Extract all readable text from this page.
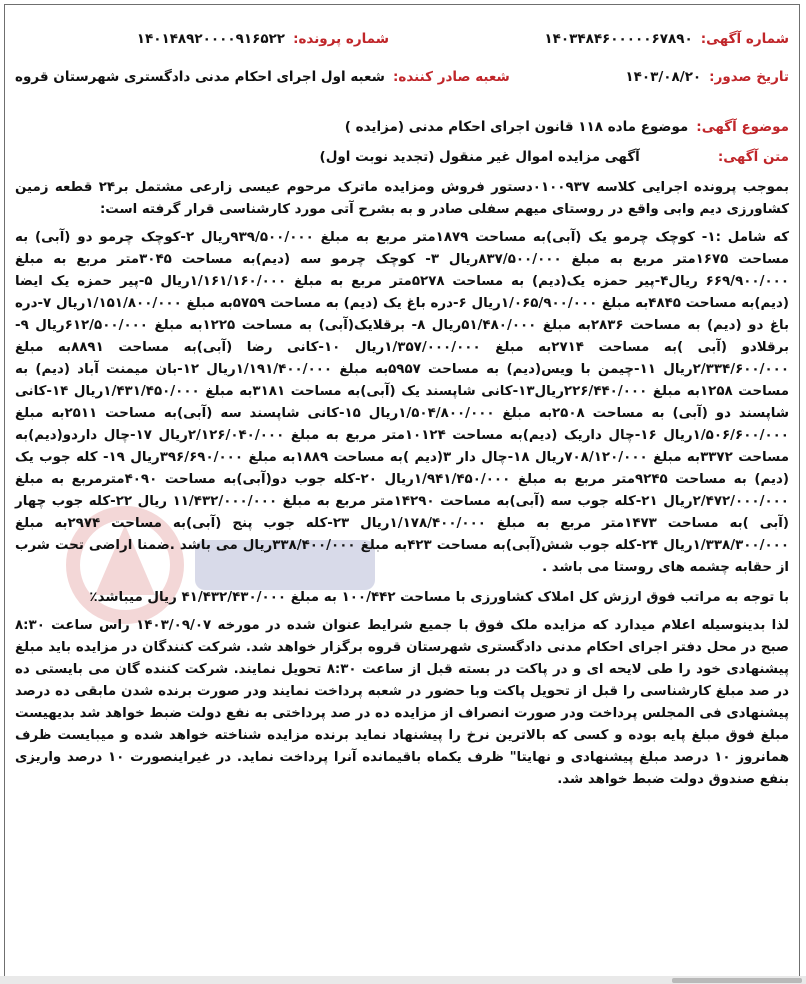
شماره آگهی:
۱۴۰۳۴۸۴۶۰۰۰۰۰۶۷۸۹۰
شماره پرونده:
۱۴۰۱۴۸۹۲۰۰۰۰۹۱۶۵۲۲
تاریخ صدور:
۱۴۰۳/۰۸/۲۰
شعبه صادر کننده:
شعبه اول اجرای احکام مدنی دادگستری شهرستان قروه
موضوع آگهی:
موضوع ماده ۱۱۸ قانون اجرای احکام مدنی (مزایده )
متن آگهی:
آگهی مزایده اموال غیر منقول (تجدید نوبت اول)

بموجب پرونده اجرایی کلاسه ۰۱۰۰۹۳۷دستور فروش ومزایده ماترک مرحوم عیسی زارعی مشتمل بر۲۴ قطعه زمین کشاورزی دیم وابی واقع در روستای میهم سفلی صادر و به بشرح آتی مورد کارشناسی قرار گرفته است:

که شامل :۱- کوچک چرمو یک (آبی)به مساحت ۱۸۷۹متر مربع به مبلغ ۹۳۹/۵۰۰/۰۰۰ریال ۲-کوچک چرمو دو (آبی) به مساحت ۱۶۷۵متر مربع به مبلغ ۸۳۷/۵۰۰/۰۰۰ریال ۳- کوچک چرمو سه (دیم)به مساحت ۳۰۴۵متر مربع به مبلغ ۶۶۹/۹۰۰/۰۰۰ ریال۴-پیر حمزه یک(دیم) به مساحت ۵۲۷۸متر مربع به مبلغ ۱/۱۶۱/۱۶۰/۰۰۰ریال ۵-پیر حمزه یک ایضا (دیم)به مساحت ۴۸۴۵به مبلغ ۱/۰۶۵/۹۰۰/۰۰۰ریال ۶-دره باغ یک (دیم) به مساحت ۵۷۵۹به مبلغ ۱/۱۵۱/۸۰۰/۰۰۰ریال ۷-دره باغ دو (دیم) به مساحت ۲۸۳۶به مبلغ ۵۱/۴۸۰/۰۰۰ریال ۸- برقلایک(آبی) به مساحت ۱۲۲۵به مبلغ ۶۱۲/۵۰۰/۰۰۰ریال ۹-برقلادو (آبی )به مساحت ۲۷۱۴به مبلغ ۱/۳۵۷/۰۰۰/۰۰۰ریال ۱۰-کانی رضا (آبی)به مساحت ۸۸۹۱به مبلغ ۲/۳۳۴/۶۰۰/۰۰۰ریال ۱۱-چیمن با ویس(دیم) به مساحت ۵۹۵۷به مبلغ ۱/۱۹۱/۴۰۰/۰۰۰ریال ۱۲-بان میمنت آباد (دیم) به مساحت ۱۲۵۸به مبلغ ۲۲۶/۴۴۰/۰۰۰ریال۱۳-کانی شاپسند یک (آبی)به مساحت ۳۱۸۱به مبلغ ۱/۴۳۱/۴۵۰/۰۰۰ریال ۱۴-کانی شاپسند دو (آبی) به مساحت ۲۵۰۸به مبلغ ۱/۵۰۴/۸۰۰/۰۰۰ریال ۱۵-کانی شاپسند سه (آبی)به مساحت ۲۵۱۱به مبلغ ۱/۵۰۶/۶۰۰/۰۰۰ریال ۱۶-چال داریک (دیم)به مساحت ۱۰۱۲۴متر مربع به مبلغ ۲/۱۲۶/۰۴۰/۰۰۰ریال ۱۷-چال داردو(دیم)به مساحت ۳۳۷۲به مبلغ ۷۰۸/۱۲۰/۰۰۰ریال ۱۸-چال دار ۳(دیم )به مساحت ۱۸۸۹به مبلغ ۳۹۶/۶۹۰/۰۰۰ریال ۱۹- کله جوب یک (دیم) به مساحت ۹۲۴۵متر مربع به مبلغ ۱/۹۴۱/۴۵۰/۰۰۰ریال ۲۰-کله جوب دو(آبی)به مساحت ۴۰۹۰مترمربع به مبلغ ۲/۴۷۲/۰۰۰/۰۰۰ریال ۲۱-کله جوب سه (آبی)به مساحت ۱۴۲۹۰متر مربع به مبلغ ۱۱/۴۳۲/۰۰۰/۰۰۰ ریال ۲۲-کله جوب چهار (آبی )به مساحت ۱۴۷۳متر مربع به مبلغ ۱/۱۷۸/۴۰۰/۰۰۰ریال ۲۳-کله جوب پنج (آبی)به مساحت ۲۹۷۴به مبلغ ۱/۳۳۸/۳۰۰/۰۰۰ریال ۲۴-کله جوب شش(آبی)به مساحت ۴۲۳به مبلغ ۳۳۸/۴۰۰/۰۰۰ریال می باشد .ضمنا اراضی تحت شرب از حقابه چشمه های روستا می باشد .

با توجه به مراتب فوق ارزش کل املاک کشاورزی با مساحت ۱۰۰/۴۴۲ به مبلغ ۴۱/۴۳۲/۴۳۰/۰۰۰ ریال میباشد٪

لذا بدینوسیله اعلام میدارد که مزایده ملک فوق با جمیع شرایط عنوان شده در مورخه ۱۴۰۳/۰۹/۰۷ راس ساعت ۸:۳۰ صبح در محل دفتر اجرای احکام مدنی دادگستری شهرستان قروه برگزار خواهد شد. شرکت کنندگان در مزایده باید مبلغ پیشنهادی خود را طی لایحه ای و در پاکت در بسته قبل از ساعت ۸:۳۰ تحویل نمایند. شرکت کننده گان می بایستی ده در صد مبلغ کارشناسی را قبل از تحویل پاکت وبا حضور در شعبه پرداخت نمایند ودر صورت برنده شدن مابقی ده درصد پیشنهادی فی المجلس پرداخت ودر صورت انصراف از مزایده ده در صد پرداختی به نفع دولت ضبط خواهد شد بدیهیست مبلغ فوق مبلغ پایه بوده و کسی که بالاترین نرخ را پیشنهاد نماید برنده مزایده شناخته خواهد شده و میبایست ظرف همانروز ۱۰ درصد مبلغ پیشنهادی و نهایتا" ظرف یکماه باقیمانده آنرا پرداخت نماید. در غیراینصورت ۱۰ درصد واریزی بنفع صندوق دولت ضبط خواهد شد.
